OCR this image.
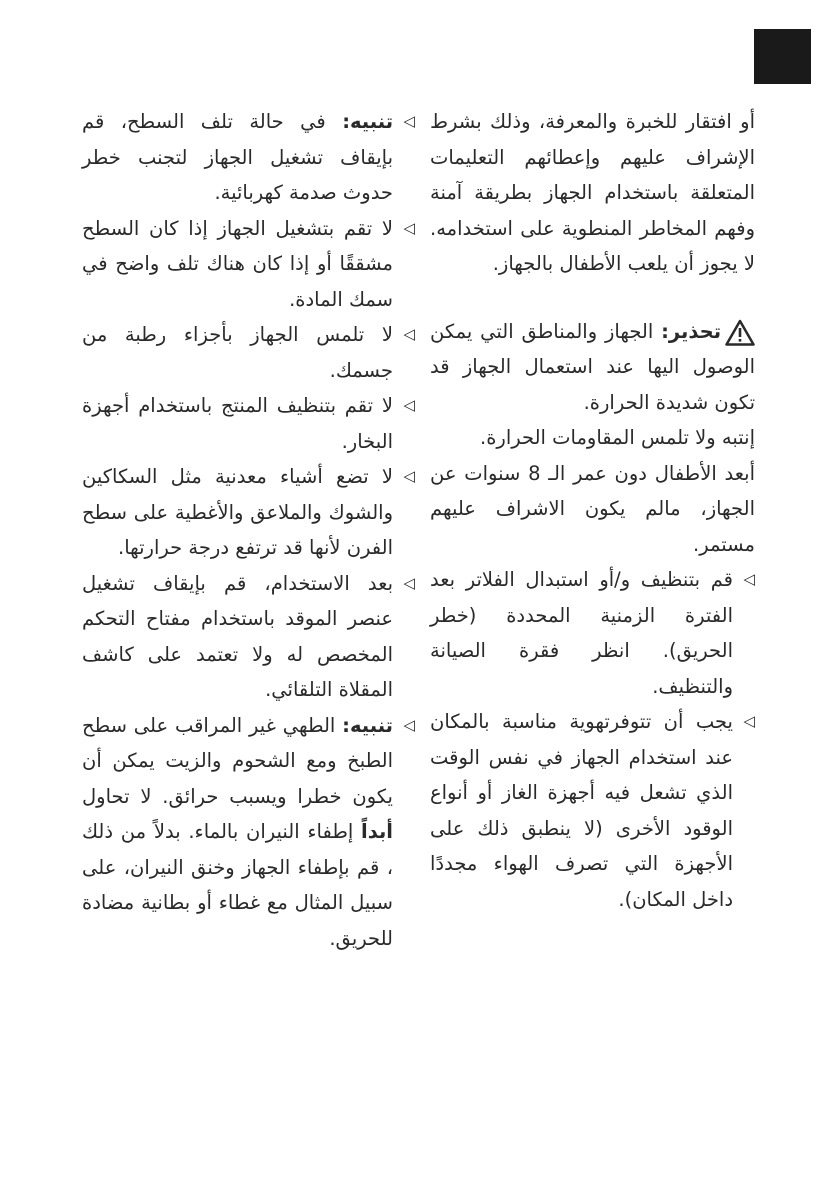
أو افتقار للخبرة والمعرفة، وذلك بشرط الإشراف عليهم وإعطائهم التعليمات المتعلقة باستخدام الجهاز بطريقة آمنة وفهم المخاطر المنطوية على استخدامه. لا يجوز أن يلعب الأطفال بالجهاز.

تحذير: الجهاز والمناطق التي يمكن الوصول اليها عند استعمال الجهاز قد تكون شديدة الحرارة.

إنتبه ولا تلمس المقاومات الحرارة.

أبعد الأطفال دون عمر الـ 8 سنوات عن الجهاز، مالم يكون الاشراف عليهم مستمر.

◁
قم بتنظيف و/أو استبدال الفلاتر بعد الفترة الزمنية المحددة (خطر الحريق). انظر فقرة الصيانة والتنظيف.

◁
يجب أن تتوفرتهوية مناسبة بالمكان عند استخدام الجهاز في نفس الوقت الذي تشعل فيه أجهزة الغاز أو أنواع الوقود الأخرى (لا ينطبق ذلك على الأجهزة التي تصرف الهواء مجددًا داخل المكان).

◁
تنبيه: في حالة تلف السطح، قم بإيقاف تشغيل الجهاز لتجنب خطر حدوث صدمة كهربائية.

◁
لا تقم بتشغيل الجهاز إذا كان السطح مشققًا أو إذا كان هناك تلف واضح في سمك المادة.

◁
لا تلمس الجهاز بأجزاء رطبة من جسمك.

◁
لا تقم بتنظيف المنتج باستخدام أجهزة البخار.

◁
لا تضع أشياء معدنية مثل السكاكين والشوك والملاعق والأغطية على سطح الفرن لأنها قد ترتفع درجة حرارتها.

◁
بعد الاستخدام، قم بإيقاف تشغيل عنصر الموقد باستخدام مفتاح التحكم المخصص له ولا تعتمد على كاشف المقلاة التلقائي.

◁
تنبيه: الطهي غير المراقب على سطح الطبخ ومع الشحوم والزيت يمكن أن يكون خطرا ويسبب حرائق. لا تحاول أبداً إطفاء النيران بالماء. بدلاً من ذلك ، قم بإطفاء الجهاز وخنق النيران، على سبيل المثال مع غطاء أو بطانية مضادة للحريق.
